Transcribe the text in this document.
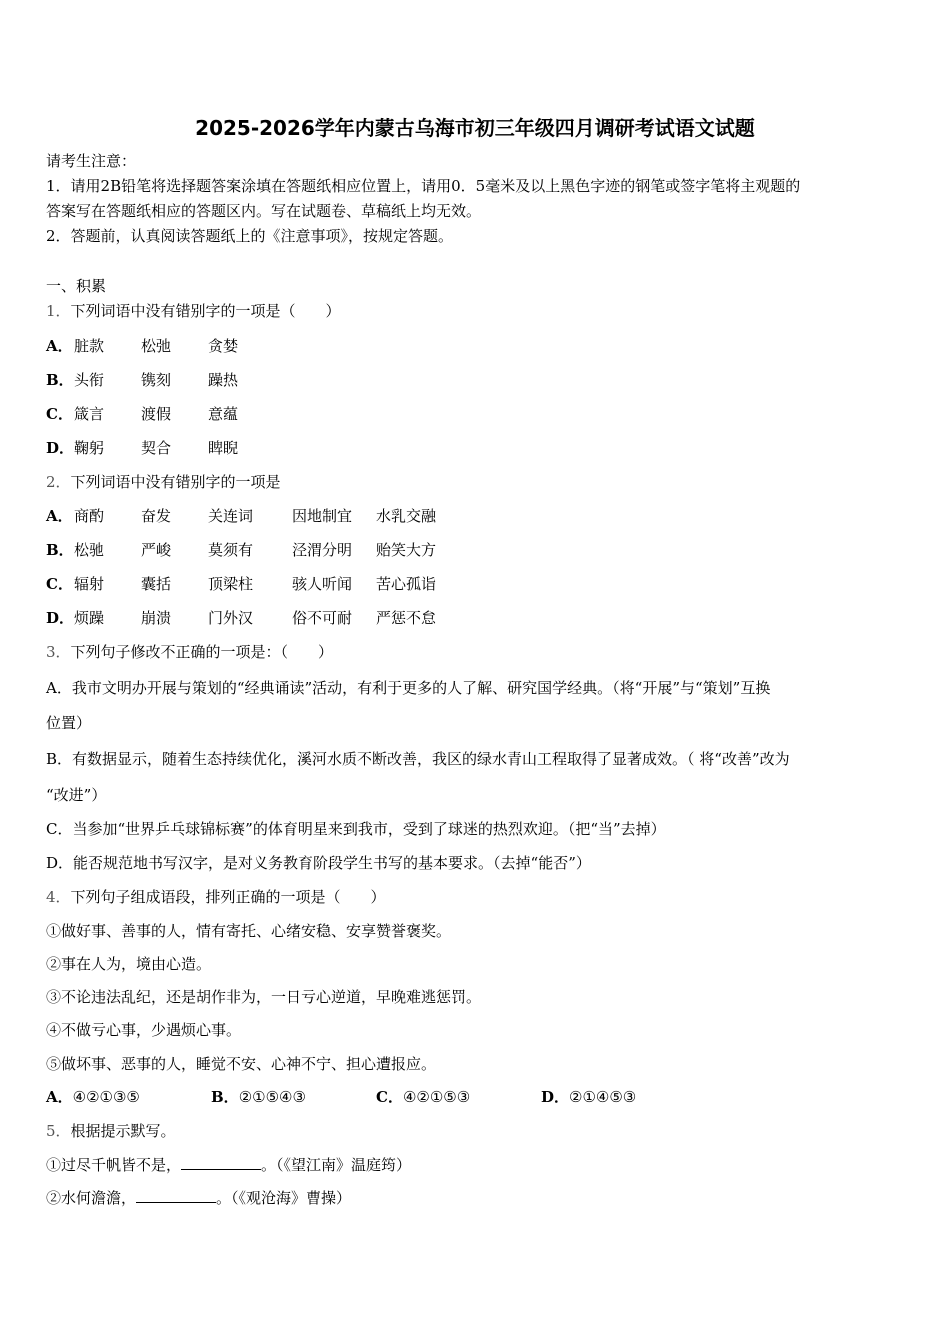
2025-2026学年内蒙古乌海市初三年级四月调研考试语文试题
请考生注意：
1．请用2B铅笔将选择题答案涂填在答题纸相应位置上，请用0．5毫米及以上黑色字迹的钢笔或签字笔将主观题的
答案写在答题纸相应的答题区内。写在试题卷、草稿纸上均无效。
2．答题前，认真阅读答题纸上的《注意事项》，按规定答题。
一、积累
1．下列词语中没有错别字的一项是（　　）
A． 脏款 松弛 贪婪
B． 头衔 镌刻 躁热
C． 箴言 渡假 意蕴
D． 鞠躬 契合 睥睨
2．下列词语中没有错别字的一项是
A． 商酌 奋发 关连词	因地制宜 水乳交融
B． 松驰 严峻 莫须有	泾渭分明 贻笑大方
C． 辐射 囊括 顶梁柱	骇人听闻 苦心孤诣
D． 烦躁 崩溃 门外汉	俗不可耐 严惩不怠
3．下列句子修改不正确的一项是：（　　）
A．我市文明办开展与策划的“经典诵读”活动，有利于更多的人了解、研究国学经典。（将“开展”与“策划”互换
位置）
B．有数据显示，随着生态持续优化，溪河水质不断改善，我区的绿水青山工程取得了显著成效。（ 将“改善”改为
“改进”）
C．当参加“世界乒乓球锦标赛”的体育明星来到我市，受到了球迷的热烈欢迎。（把“当”去掉）
D．能否规范地书写汉字，是对义务教育阶段学生书写的基本要求。（去掉“能否”）
4．下列句子组成语段，排列正确的一项是（　　）
①做好事、善事的人，情有寄托、心绪安稳、安享赞誉褒奖。
②事在人为，境由心造。
③不论违法乱纪，还是胡作非为，一日亏心逆道，早晚难逃惩罚。
④不做亏心事，少遇烦心事。
⑤做坏事、恶事的人，睡觉不安、心神不宁、担心遭报应。
A．④②①③⑤	B．②①⑤④③	C．④②①⑤③	D．②①④⑤③
5．根据提示默写。
①过尽千帆皆不是，	。（《望江南》温庭筠）
②水何澹澹，	。（《观沧海》曹操）
